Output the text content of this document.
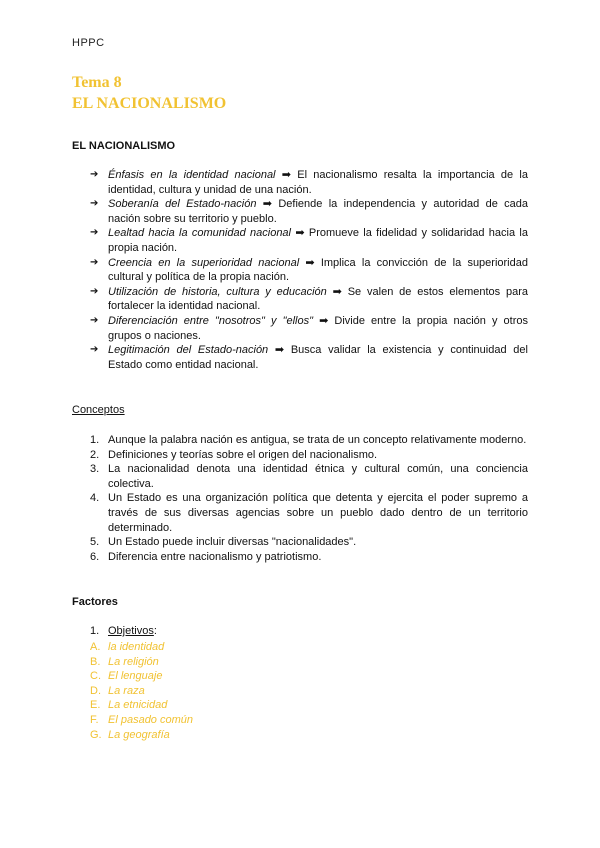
HPPC
Tema 8
EL NACIONALISMO
EL NACIONALISMO
➔ Énfasis en la identidad nacional ➡ El nacionalismo resalta la importancia de la identidad, cultura y unidad de una nación.
➔ Soberanía del Estado-nación ➡ Defiende la independencia y autoridad de cada nación sobre su territorio y pueblo.
➔ Lealtad hacia la comunidad nacional ➡ Promueve la fidelidad y solidaridad hacia la propia nación.
➔ Creencia en la superioridad nacional ➡ Implica la convicción de la superioridad cultural y política de la propia nación.
➔ Utilización de historia, cultura y educación ➡ Se valen de estos elementos para fortalecer la identidad nacional.
➔ Diferenciación entre "nosotros" y "ellos" ➡ Divide entre la propia nación y otros grupos o naciones.
➔ Legitimación del Estado-nación ➡ Busca validar la existencia y continuidad del Estado como entidad nacional.
Conceptos
1. Aunque la palabra nación es antigua, se trata de un concepto relativamente moderno.
2. Definiciones y teorías sobre el origen del nacionalismo.
3. La nacionalidad denota una identidad étnica y cultural común, una conciencia colectiva.
4. Un Estado es una organización política que detenta y ejercita el poder supremo a través de sus diversas agencias sobre un pueblo dado dentro de un territorio determinado.
5. Un Estado puede incluir diversas "nacionalidades".
6. Diferencia entre nacionalismo y patriotismo.
Factores
1. Objetivos :
A. la identidad
B. La religión
C. El lenguaje
D. La raza
E. La etnicidad
F. El pasado común
G. La geografía
